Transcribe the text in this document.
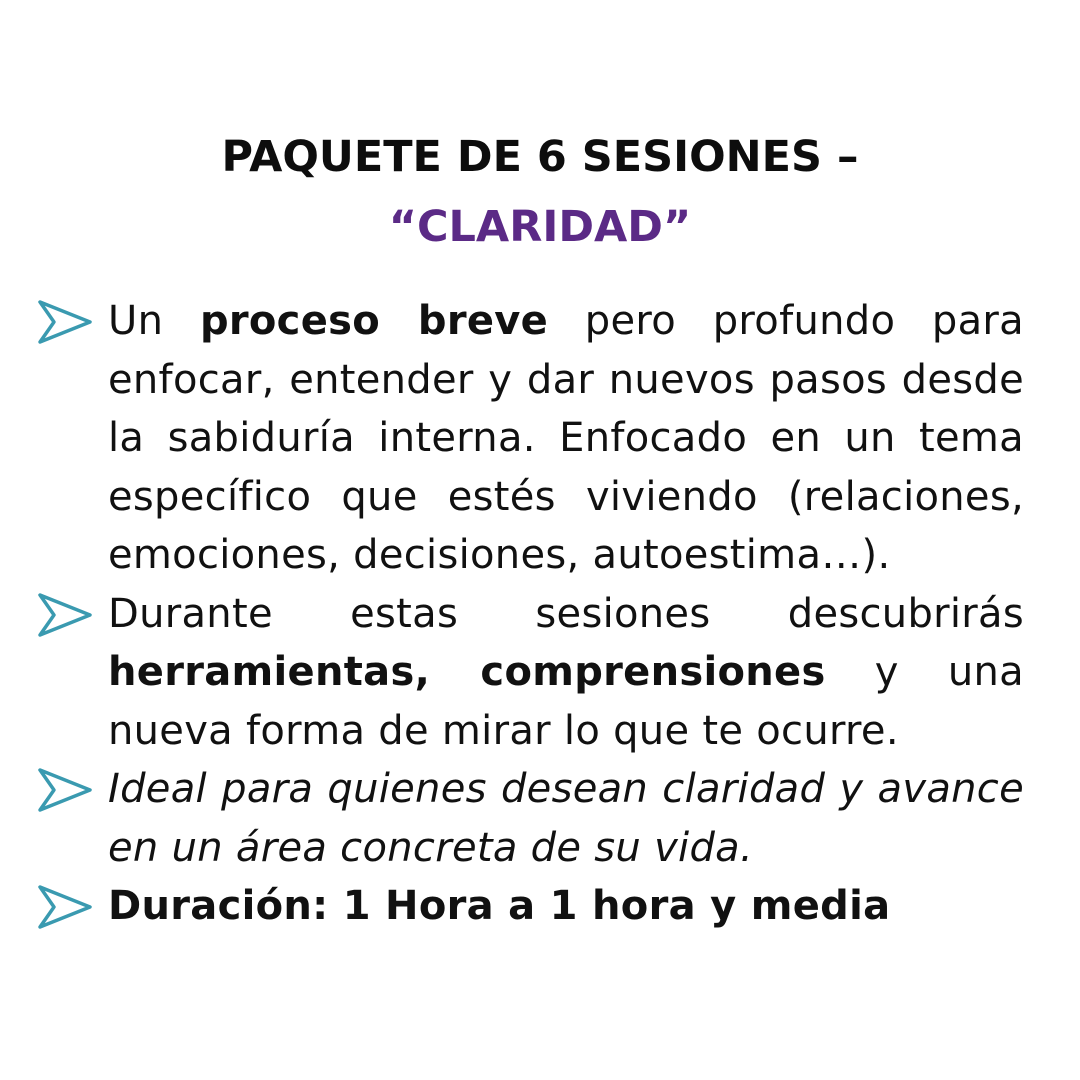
PAQUETE DE 6 SESIONES –
“CLARIDAD”
Un proceso breve pero profundo para enfocar, entender y dar nuevos pasos desde la sabiduría interna. Enfocado en un tema específico que estés viviendo (relaciones, emociones, decisiones, autoestima…).
Durante estas sesiones descubrirás herramientas, comprensiones y una nueva forma de mirar lo que te ocurre.
Ideal para quienes desean claridad y avance en un área concreta de su vida.
Duración: 1 Hora a 1 hora y media
